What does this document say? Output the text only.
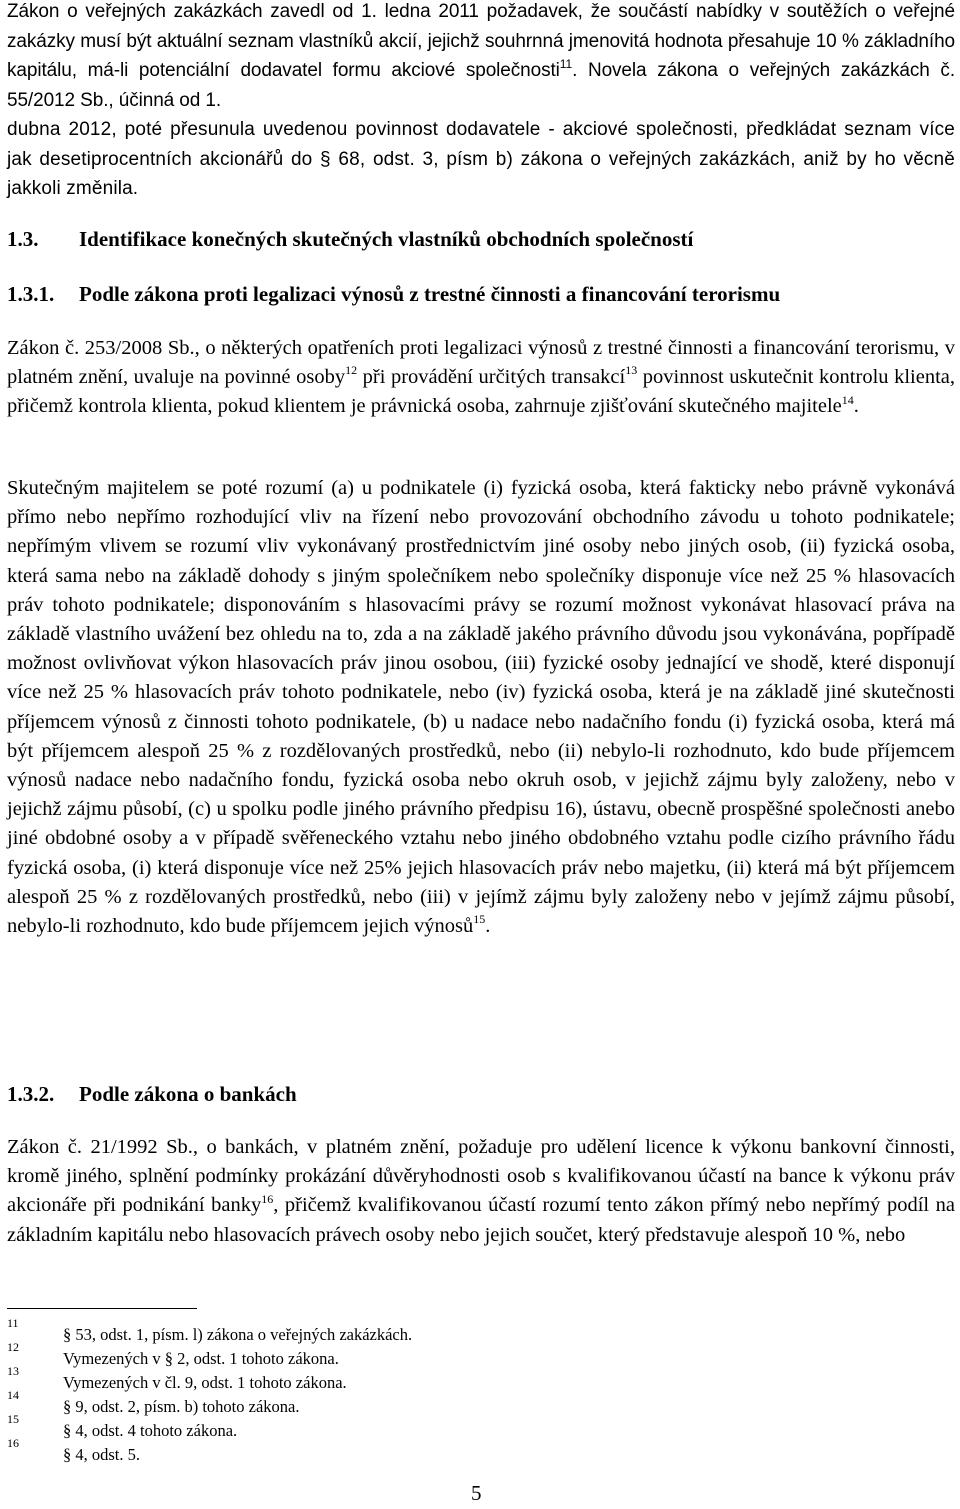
Zákon o veřejných zakázkách zavedl od 1. ledna 2011 požadavek, že součástí nabídky v soutěžích o veřejné zakázky musí být aktuální seznam vlastníků akcií, jejichž souhrnná jmenovitá hodnota přesahuje 10 % základního kapitálu, má-li potenciální dodavatel formu akciové společnosti$^{11}$. Novela zákona o veřejných zakázkách č. 55/2012 Sb., účinná od 1.

dubna 2012, poté přesunula uvedenou povinnost dodavatele - akciové společnosti, předkládat seznam více jak desetiprocentních akcionářů do § 68, odst. 3, písm b) zákona o veřejných zakázkách, aniž by ho věcně jakkoli změnila.

1.3. Identifikace konečných skutečných vlastníků obchodních společností
1.3.1. Podle zákona proti legalizaci výnosů z trestné činnosti a financování terorismu

Zákon č. 253/2008 Sb., o některých opatřeních proti legalizaci výnosů z trestné činnosti a financování terorismu, v platném znění, uvaluje na povinné osoby$^{12}$ při provádění určitých transakcí$^{13}$ povinnost uskutečnit kontrolu klienta, přičemž kontrola klienta, pokud klientem je právnická osoba, zahrnuje zjišťování skutečného majitele$^{14}$.

Skutečným majitelem se poté rozumí (a) u podnikatele (i) fyzická osoba, která fakticky nebo právně vykonává přímo nebo nepřímo rozhodující vliv na řízení nebo provozování obchodního závodu u tohoto podnikatele; nepřímým vlivem se rozumí vliv vykonávaný prostřednictvím jiné osoby nebo jiných osob, (ii) fyzická osoba, která sama nebo na základě dohody s jiným společníkem nebo společníky disponuje více než 25 % hlasovacích práv tohoto podnikatele; disponováním s hlasovacími právy se rozumí možnost vykonávat hlasovací práva na základě vlastního uvážení bez ohledu na to, zda a na základě jakého právního důvodu jsou vykonávána, popřípadě možnost ovlivňovat výkon hlasovacích práv jinou osobou, (iii) fyzické osoby jednající ve shodě, které disponují více než 25 % hlasovacích práv tohoto podnikatele, nebo (iv) fyzická osoba, která je na základě jiné skutečnosti příjemcem výnosů z činnosti tohoto podnikatele, (b) u nadace nebo nadačního fondu (i) fyzická osoba, která má být příjemcem alespoň 25 % z rozdělovaných prostředků, nebo (ii) nebylo-li rozhodnuto, kdo bude příjemcem výnosů nadace nebo nadačního fondu, fyzická osoba nebo okruh osob, v jejichž zájmu byly založeny, nebo v jejichž zájmu působí, (c) u spolku podle jiného právního předpisu 16), ústavu, obecně prospěšné společnosti anebo jiné obdobné osoby a v případě svěřeneckého vztahu nebo jiného obdobného vztahu podle cizího právního řádu fyzická osoba, (i) která disponuje více než 25% jejich hlasovacích práv nebo majetku, (ii) která má být příjemcem alespoň 25 % z rozdělovaných prostředků, nebo (iii) v jejímž zájmu byly založeny nebo v jejímž zájmu působí, nebylo-li rozhodnuto, kdo bude příjemcem jejich výnosů$^{15}$.

1.3.2. Podle zákona o bankách

Zákon č. 21/1992 Sb., o bankách, v platném znění, požaduje pro udělení licence k výkonu bankovní činnosti, kromě jiného, splnění podmínky prokázání důvěryhodnosti osob s kvalifikovanou účastí na bance k výkonu práv akcionáře při podnikání banky$^{16}$, přičemž kvalifikovanou účastí rozumí tento zákon přímý nebo nepřímý podíl na základním kapitálu nebo hlasovacích právech osoby nebo jejich součet, který představuje alespoň 10 %, nebo

11
§ 53, odst. 1, písm. l) zákona o veřejných zakázkách.
12
Vymezených v § 2, odst. 1 tohoto zákona.
13
Vymezených v čl. 9, odst. 1 tohoto zákona.
14
§ 9, odst. 2, písm. b) tohoto zákona.
15
§ 4, odst. 4 tohoto zákona.
16
§ 4, odst. 5.
5
